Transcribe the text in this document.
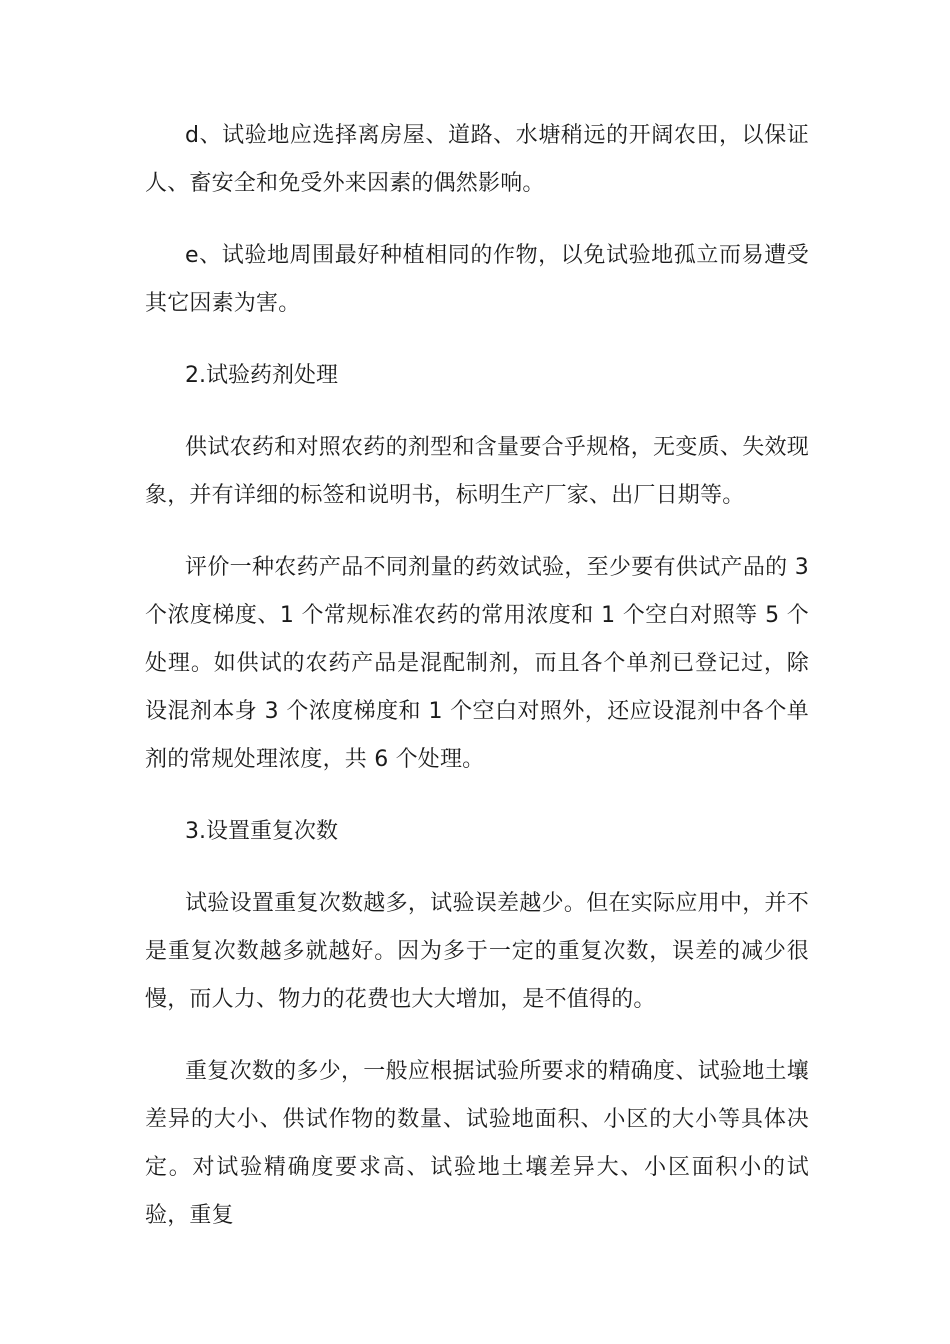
d、试验地应选择离房屋、道路、水塘稍远的开阔农田，以保证人、畜安全和免受外来因素的偶然影响。

e、试验地周围最好种植相同的作物，以免试验地孤立而易遭受其它因素为害。

2.试验药剂处理

供试农药和对照农药的剂型和含量要合乎规格，无变质、失效现象，并有详细的标签和说明书，标明生产厂家、出厂日期等。

评价一种农药产品不同剂量的药效试验，至少要有供试产品的 3 个浓度梯度、1 个常规标准农药的常用浓度和 1 个空白对照等 5 个处理。如供试的农药产品是混配制剂，而且各个单剂已登记过，除设混剂本身 3 个浓度梯度和 1 个空白对照外，还应设混剂中各个单剂的常规处理浓度，共 6 个处理。

3.设置重复次数

试验设置重复次数越多，试验误差越少。但在实际应用中，并不是重复次数越多就越好。因为多于一定的重复次数，误差的减少很慢，而人力、物力的花费也大大增加，是不值得的。

重复次数的多少，一般应根据试验所要求的精确度、试验地土壤差异的大小、供试作物的数量、试验地面积、小区的大小等具体决定。对试验精确度要求高、试验地土壤差异大、小区面积小的试验，重复
